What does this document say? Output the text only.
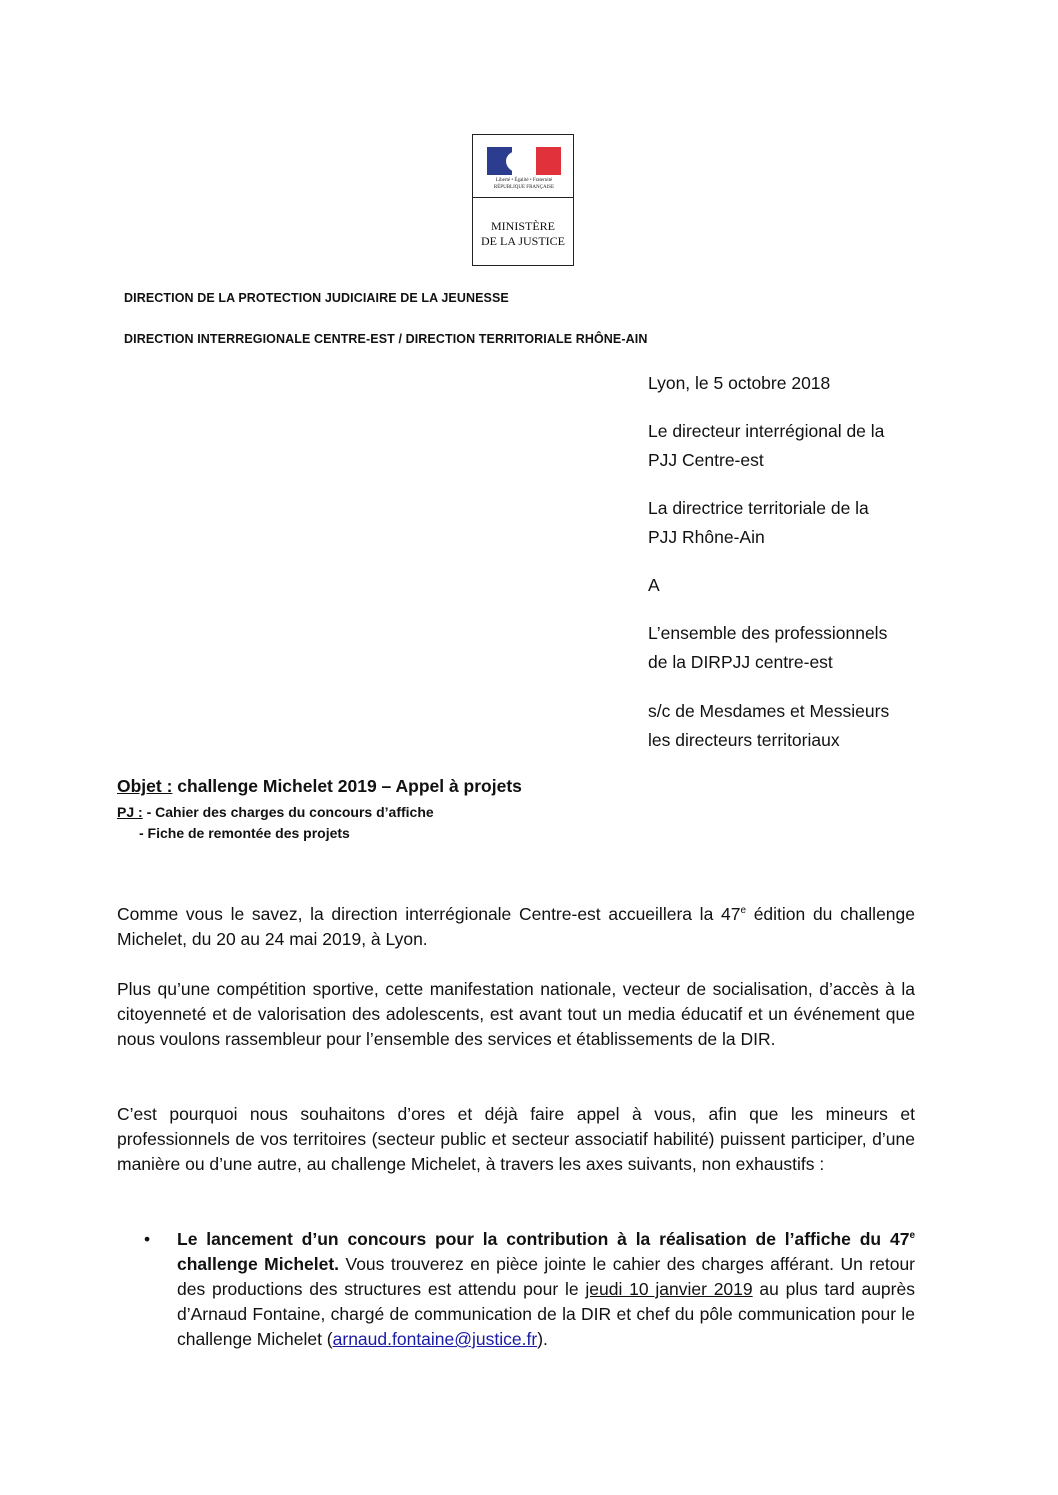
Liberté • Égalité • Fraternité
RÉPUBLIQUE FRANÇAISE
MINISTÈRE
DE LA JUSTICE
DIRECTION DE LA PROTECTION JUDICIAIRE DE LA JEUNESSE
DIRECTION INTERREGIONALE CENTRE-EST / DIRECTION TERRITORIALE RHÔNE-AIN
Lyon, le 5 octobre 2018
Le directeur interrégional de la
PJJ Centre-est
La directrice territoriale de la
PJJ Rhône-Ain
A
L’ensemble des professionnels
de la DIRPJJ centre-est
s/c de Mesdames et Messieurs
les directeurs territoriaux
Objet : challenge Michelet 2019 – Appel à projets
PJ : - Cahier des charges du concours d’affiche
- Fiche de remontée des projets

Comme vous le savez, la direction interrégionale Centre-est accueillera la 47e édition du challenge Michelet, du 20 au 24 mai 2019, à Lyon.

Plus qu’une compétition sportive, cette manifestation nationale, vecteur de socialisation, d’accès à la citoyenneté et de valorisation des adolescents, est avant tout un media éducatif et un événement que nous voulons rassembleur pour l’ensemble des services et établissements de la DIR.

C’est pourquoi nous souhaitons d’ores et déjà faire appel à vous, afin que les mineurs et professionnels de vos territoires (secteur public et secteur associatif habilité) puissent participer, d’une manière ou d’une autre, au challenge Michelet, à travers les axes suivants, non exhaustifs :

• Le lancement d’un concours pour la contribution à la réalisation de l’affiche du 47e challenge Michelet. Vous trouverez en pièce jointe le cahier des charges afférant. Un retour des productions des structures est attendu pour le jeudi 10 janvier 2019 au plus tard auprès d’Arnaud Fontaine, chargé de communication de la DIR et chef du pôle communication pour le challenge Michelet (arnaud.fontaine@justice.fr).
